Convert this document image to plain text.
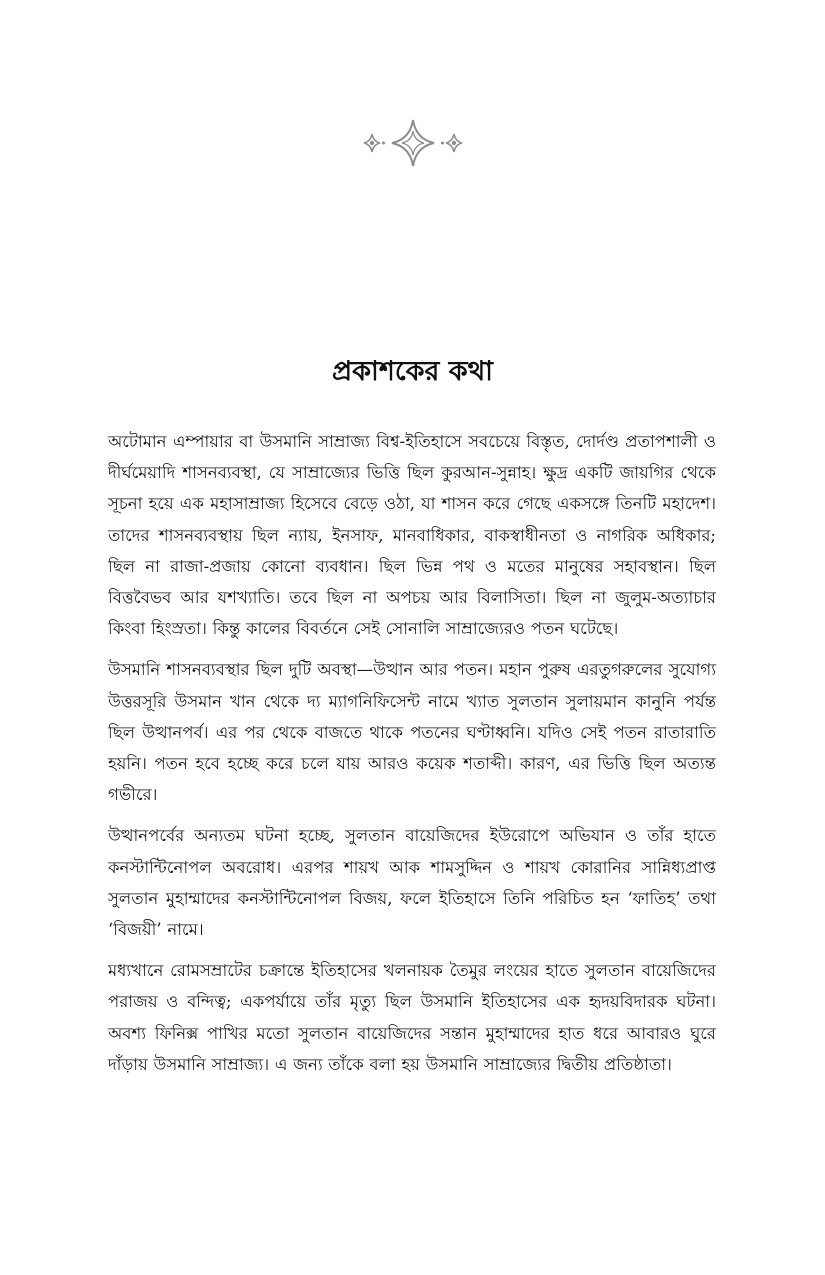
প্রকাশকের কথা

অটোমান এম্পায়ার বা উসমানি সাম্রাজ্য বিশ্ব-ইতিহাসে সবচেয়ে বিস্তৃত, দোর্দণ্ড প্রতাপশালী ও দীর্ঘমেয়াদি শাসনব্যবস্থা, যে সাম্রাজ্যের ভিত্তি ছিল কুরআন-সুন্নাহ। ক্ষুদ্র একটি জায়গির থেকে সূচনা হয়ে এক মহাসাম্রাজ্য হিসেবে বেড়ে ওঠা, যা শাসন করে গেছে একসঙ্গে তিনটি মহাদেশ। তাদের শাসনব্যবস্থায় ছিল ন্যায়, ইনসাফ, মানবাধিকার, বাকস্বাধীনতা ও নাগরিক অধিকার; ছিল না রাজা-প্রজায় কোনো ব্যবধান। ছিল ভিন্ন পথ ও মতের মানুষের সহাবস্থান। ছিল বিত্তবৈভব আর যশখ্যাতি। তবে ছিল না অপচয় আর বিলাসিতা। ছিল না জুলুম-অত্যাচার কিংবা হিংস্রতা। কিন্তু কালের বিবর্তনে সেই সোনালি সাম্রাজ্যেরও পতন ঘটেছে।

উসমানি শাসনব্যবস্থার ছিল দুটি অবস্থা—উত্থান আর পতন। মহান পুরুষ এরতুগরুলের সুযোগ্য উত্তরসূরি উসমান খান থেকে দ্য ম্যাগনিফিসেন্ট নামে খ্যাত সুলতান সুলায়মান কানুনি পর্যন্ত ছিল উত্থানপর্ব। এর পর থেকে বাজতে থাকে পতনের ঘণ্টাধ্বনি। যদিও সেই পতন রাতারাতি হয়নি। পতন হবে হচ্ছে করে চলে যায় আরও কয়েক শতাব্দী। কারণ, এর ভিত্তি ছিল অত্যন্ত গভীরে।

উত্থানপর্বের অন্যতম ঘটনা হচ্ছে, সুলতান বায়েজিদের ইউরোপে অভিযান ও তাঁর হাতে কনস্টান্টিনোপল অবরোধ। এরপর শায়খ আক শামসুদ্দিন ও শায়খ কোরানির সান্নিধ্যপ্রাপ্ত সুলতান মুহাম্মাদের কনস্টান্টিনোপল বিজয়, ফলে ইতিহাসে তিনি পরিচিত হন ‘ফাতিহ’ তথা ‘বিজয়ী’ নামে।

মধ্যখানে রোমসম্রাটের চক্রান্তে ইতিহাসের খলনায়ক তৈমুর লংয়ের হাতে সুলতান বায়েজিদের পরাজয় ও বন্দিত্ব; একপর্যায়ে তাঁর মৃত্যু ছিল উসমানি ইতিহাসের এক হৃদয়বিদারক ঘটনা। অবশ্য ফিনিক্স পাখির মতো সুলতান বায়েজিদের সন্তান মুহাম্মাদের হাত ধরে আবারও ঘুরে দাঁড়ায় উসমানি সাম্রাজ্য। এ জন্য তাঁকে বলা হয় উসমানি সাম্রাজ্যের দ্বিতীয় প্রতিষ্ঠাতা।
